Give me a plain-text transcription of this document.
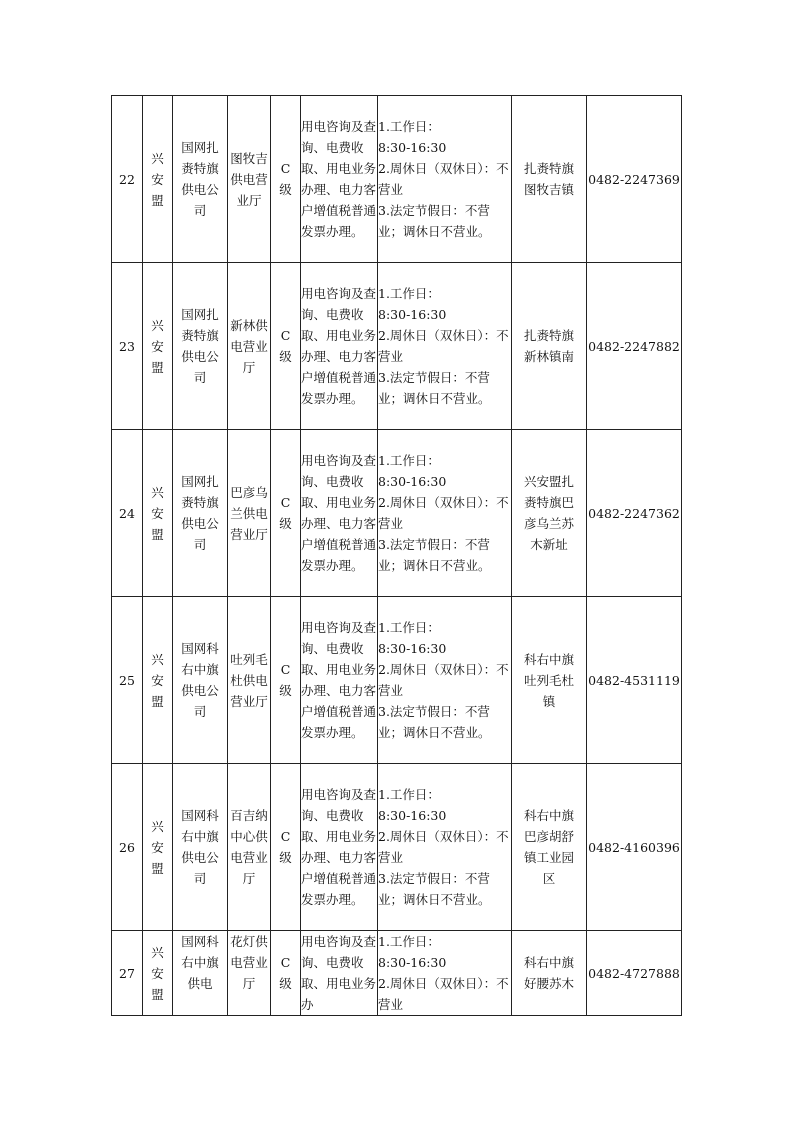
22	兴安盟	国网扎赉特旗供电公司	图牧吉供电营业厅	C级	用电咨询及查询、电费收取、用电业务办理、电力客户增值税普通发票办理。	1.工作日：
8:30-16:30
2.周休日（双休日）：不营业
3.法定节假日：不营业；调休日不营业。	扎赉特旗图牧吉镇	0482-2247369
23	兴安盟	国网扎赉特旗供电公司	新林供电营业厅	C级	用电咨询及查询、电费收取、用电业务办理、电力客户增值税普通发票办理。	1.工作日：
8:30-16:30
2.周休日（双休日）：不营业
3.法定节假日：不营业；调休日不营业。	扎赉特旗新林镇南	0482-2247882
24	兴安盟	国网扎赉特旗供电公司	巴彦乌兰供电营业厅	C级	用电咨询及查询、电费收取、用电业务办理、电力客户增值税普通发票办理。	1.工作日：
8:30-16:30
2.周休日（双休日）：不营业
3.法定节假日：不营业；调休日不营业。	兴安盟扎赉特旗巴彦乌兰苏木新址	0482-2247362
25	兴安盟	国网科右中旗供电公司	吐列毛杜供电营业厅	C级	用电咨询及查询、电费收取、用电业务办理、电力客户增值税普通发票办理。	1.工作日：
8:30-16:30
2.周休日（双休日）：不营业
3.法定节假日：不营业；调休日不营业。	科右中旗吐列毛杜镇	0482-4531119
26	兴安盟	国网科右中旗供电公司	百吉纳中心供电营业厅	C级	用电咨询及查询、电费收取、用电业务办理、电力客户增值税普通发票办理。	1.工作日：
8:30-16:30
2.周休日（双休日）：不营业
3.法定节假日：不营业；调休日不营业。	科右中旗巴彦胡舒镇工业园区	0482-4160396
27	兴安盟	国网科右中旗供电	花灯供电营业厅	C级	用电咨询及查询、电费收取、用电业务办	1.工作日：
8:30-16:30
2.周休日（双休日）：不营业	科右中旗好腰苏木	0482-4727888
